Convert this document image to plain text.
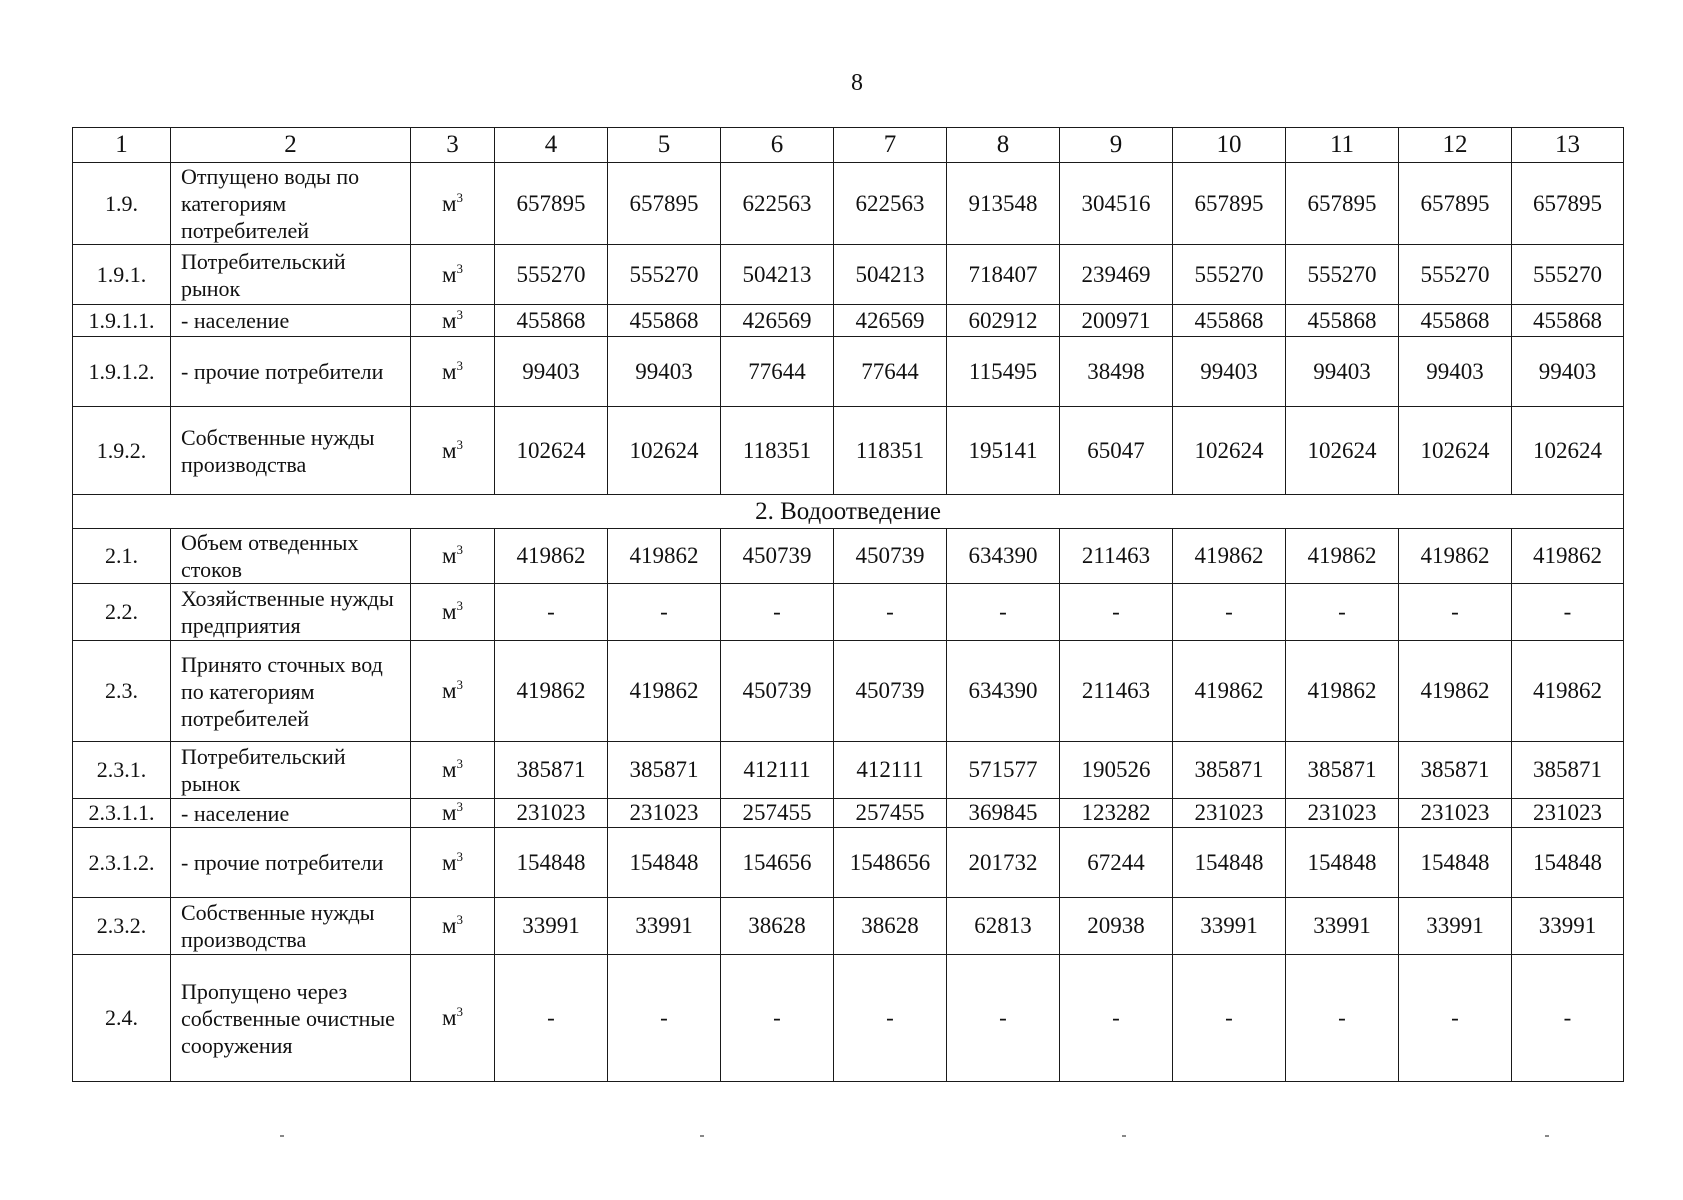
8
1	2	3	4	5	6	7	8	9	10	11	12	13
1.9.	Отпущено воды по категориям потребителей	$м^3$	657895	657895	622563	622563	913548	304516	657895	657895	657895	657895
1.9.1.	Потребительский рынок	$м^3$	555270	555270	504213	504213	718407	239469	555270	555270	555270	555270
1.9.1.1.	- население	$м^3$	455868	455868	426569	426569	602912	200971	455868	455868	455868	455868
1.9.1.2.	- прочие потребители	$м^3$	99403	99403	77644	77644	115495	38498	99403	99403	99403	99403
1.9.2.	Собственные нужды производства	$м^3$	102624	102624	118351	118351	195141	65047	102624	102624	102624	102624
2. Водоотведение												
2.1.	Объем отведенных стоков	$м^3$	419862	419862	450739	450739	634390	211463	419862	419862	419862	419862
2.2.	Хозяйственные нужды предприятия	$м^3$	-	-	-	-	-	-	-	-	-	-
2.3.	Принято сточных вод по категориям потребителей	$м^3$	419862	419862	450739	450739	634390	211463	419862	419862	419862	419862
2.3.1.	Потребительский рынок	$м^3$	385871	385871	412111	412111	571577	190526	385871	385871	385871	385871
2.3.1.1.	- население	$м^3$	231023	231023	257455	257455	369845	123282	231023	231023	231023	231023
2.3.1.2.	- прочие потребители	$м^3$	154848	154848	154656	1548656	201732	67244	154848	154848	154848	154848
2.3.2.	Собственные нужды производства	$м^3$	33991	33991	38628	38628	62813	20938	33991	33991	33991	33991
2.4.	Пропущено через собственные очистные сооружения	$м^3$	-	-	-	-	-	-	-	-	-	-
